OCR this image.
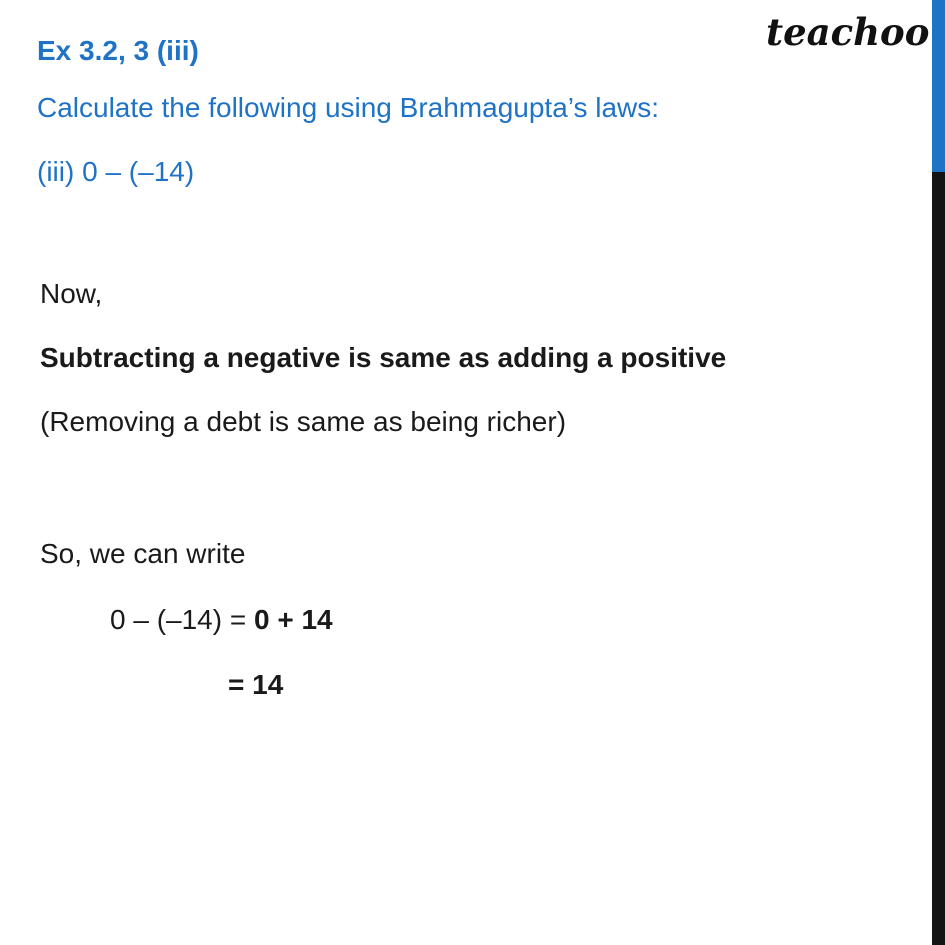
Ex 3.2, 3 (iii)	teachoo
Calculate the following using Brahmagupta’s laws:
(iii) 0 – (–14)
Now,
Subtracting a negative is same as adding a positive
(Removing a debt is same as being richer)
So, we can write
0 – (–14) = 0 + 14
= 14
